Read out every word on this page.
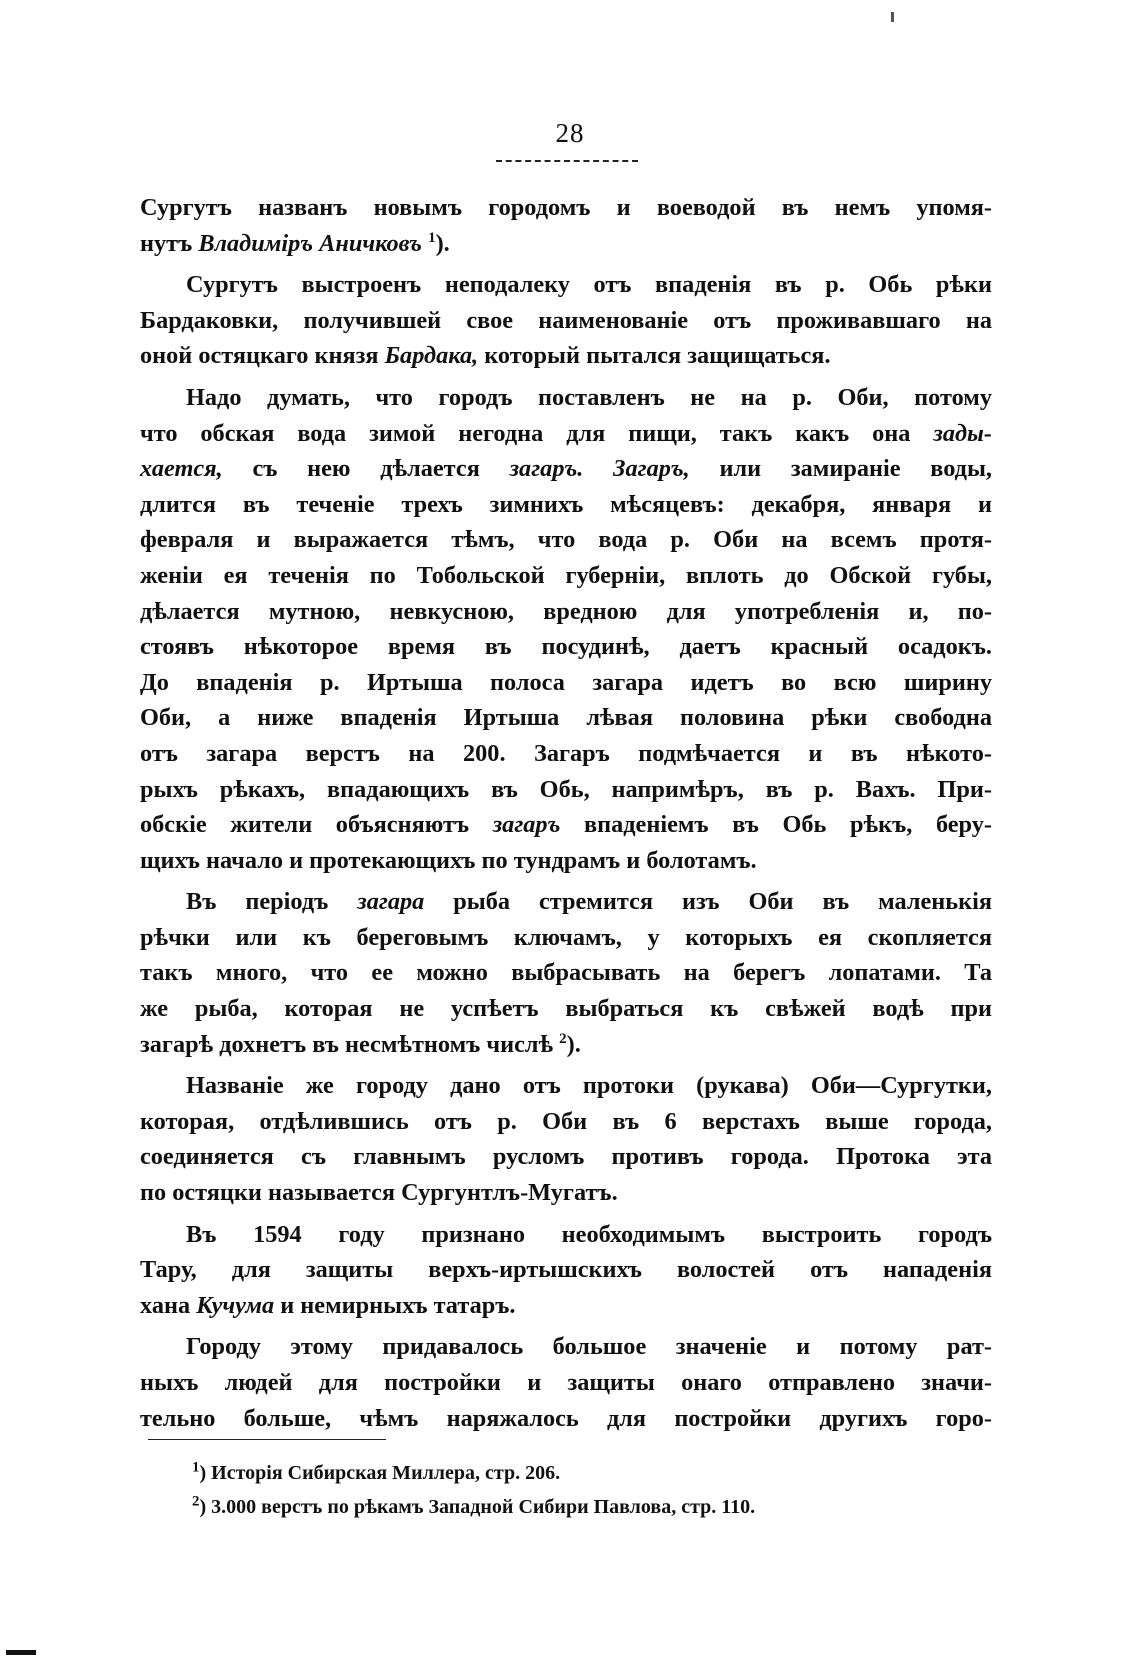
28
Сургутъ названъ новымъ городомъ и воеводой въ немъ упомя-
нутъ Владиміръ Аничковъ $^1$).
Сургутъ выстроенъ неподалеку отъ впаденія въ р. Обь рѣки
Бардаковки, получившей свое наименованіе отъ проживавшаго на
оной остяцкаго князя Бардака, который пытался защищаться.
Надо думать, что городъ поставленъ не на р. Оби, потому
что обская вода зимой негодна для пищи, такъ какъ она зады-
хается, съ нею дѣлается загаръ. Загаръ, или замираніе воды,
длится въ теченіе трехъ зимнихъ мѣсяцевъ: декабря, января и
февраля и выражается тѣмъ, что вода р. Оби на всемъ протя-
женіи ея теченія по Тобольской губерніи, вплоть до Обской губы,
дѣлается мутною, невкусною, вредною для употребленія и, по-
стоявъ нѣкоторое время въ посудинѣ, даетъ красный осадокъ.
До впаденія р. Иртыша полоса загара идетъ во всю ширину
Оби, а ниже впаденія Иртыша лѣвая половина рѣки свободна
отъ загара верстъ на 200. Загаръ подмѣчается и въ нѣкото-
рыхъ рѣкахъ, впадающихъ въ Обь, напримѣръ, въ р. Вахъ. При-
обскіе жители объясняютъ загаръ впаденіемъ въ Обь рѣкъ, беру-
щихъ начало и протекающихъ по тундрамъ и болотамъ.
Въ періодъ загара рыба стремится изъ Оби въ маленькія
рѣчки или къ береговымъ ключамъ, у которыхъ ея скопляется
такъ много, что ее можно выбрасывать на берегъ лопатами. Та
же рыба, которая не успѣетъ выбраться къ свѣжей водѣ при
загарѣ дохнетъ въ несмѣтномъ числѣ $^2$).
Названіе же городу дано отъ протоки (рукава) Оби—Сургутки,
которая, отдѣлившись отъ р. Оби въ 6 верстахъ выше города,
соединяется съ главнымъ русломъ противъ города. Протока эта
по остяцки называется Сургунтлъ-Мугатъ.
Въ 1594 году признано необходимымъ выстроить городъ
Тару, для защиты верхъ-иртышскихъ волостей отъ нападенія
хана Кучума и немирныхъ татаръ.
Городу этому придавалось большое значеніе и потому рат-
ныхъ людей для постройки и защиты онаго отправлено значи-
тельно больше, чѣмъ наряжалось для постройки другихъ горо-
$^1$) Исторія Сибирская Миллера, стр. 206.
$^2$) 3.000 верстъ по рѣкамъ Западной Сибири Павлова, стр. 110.
